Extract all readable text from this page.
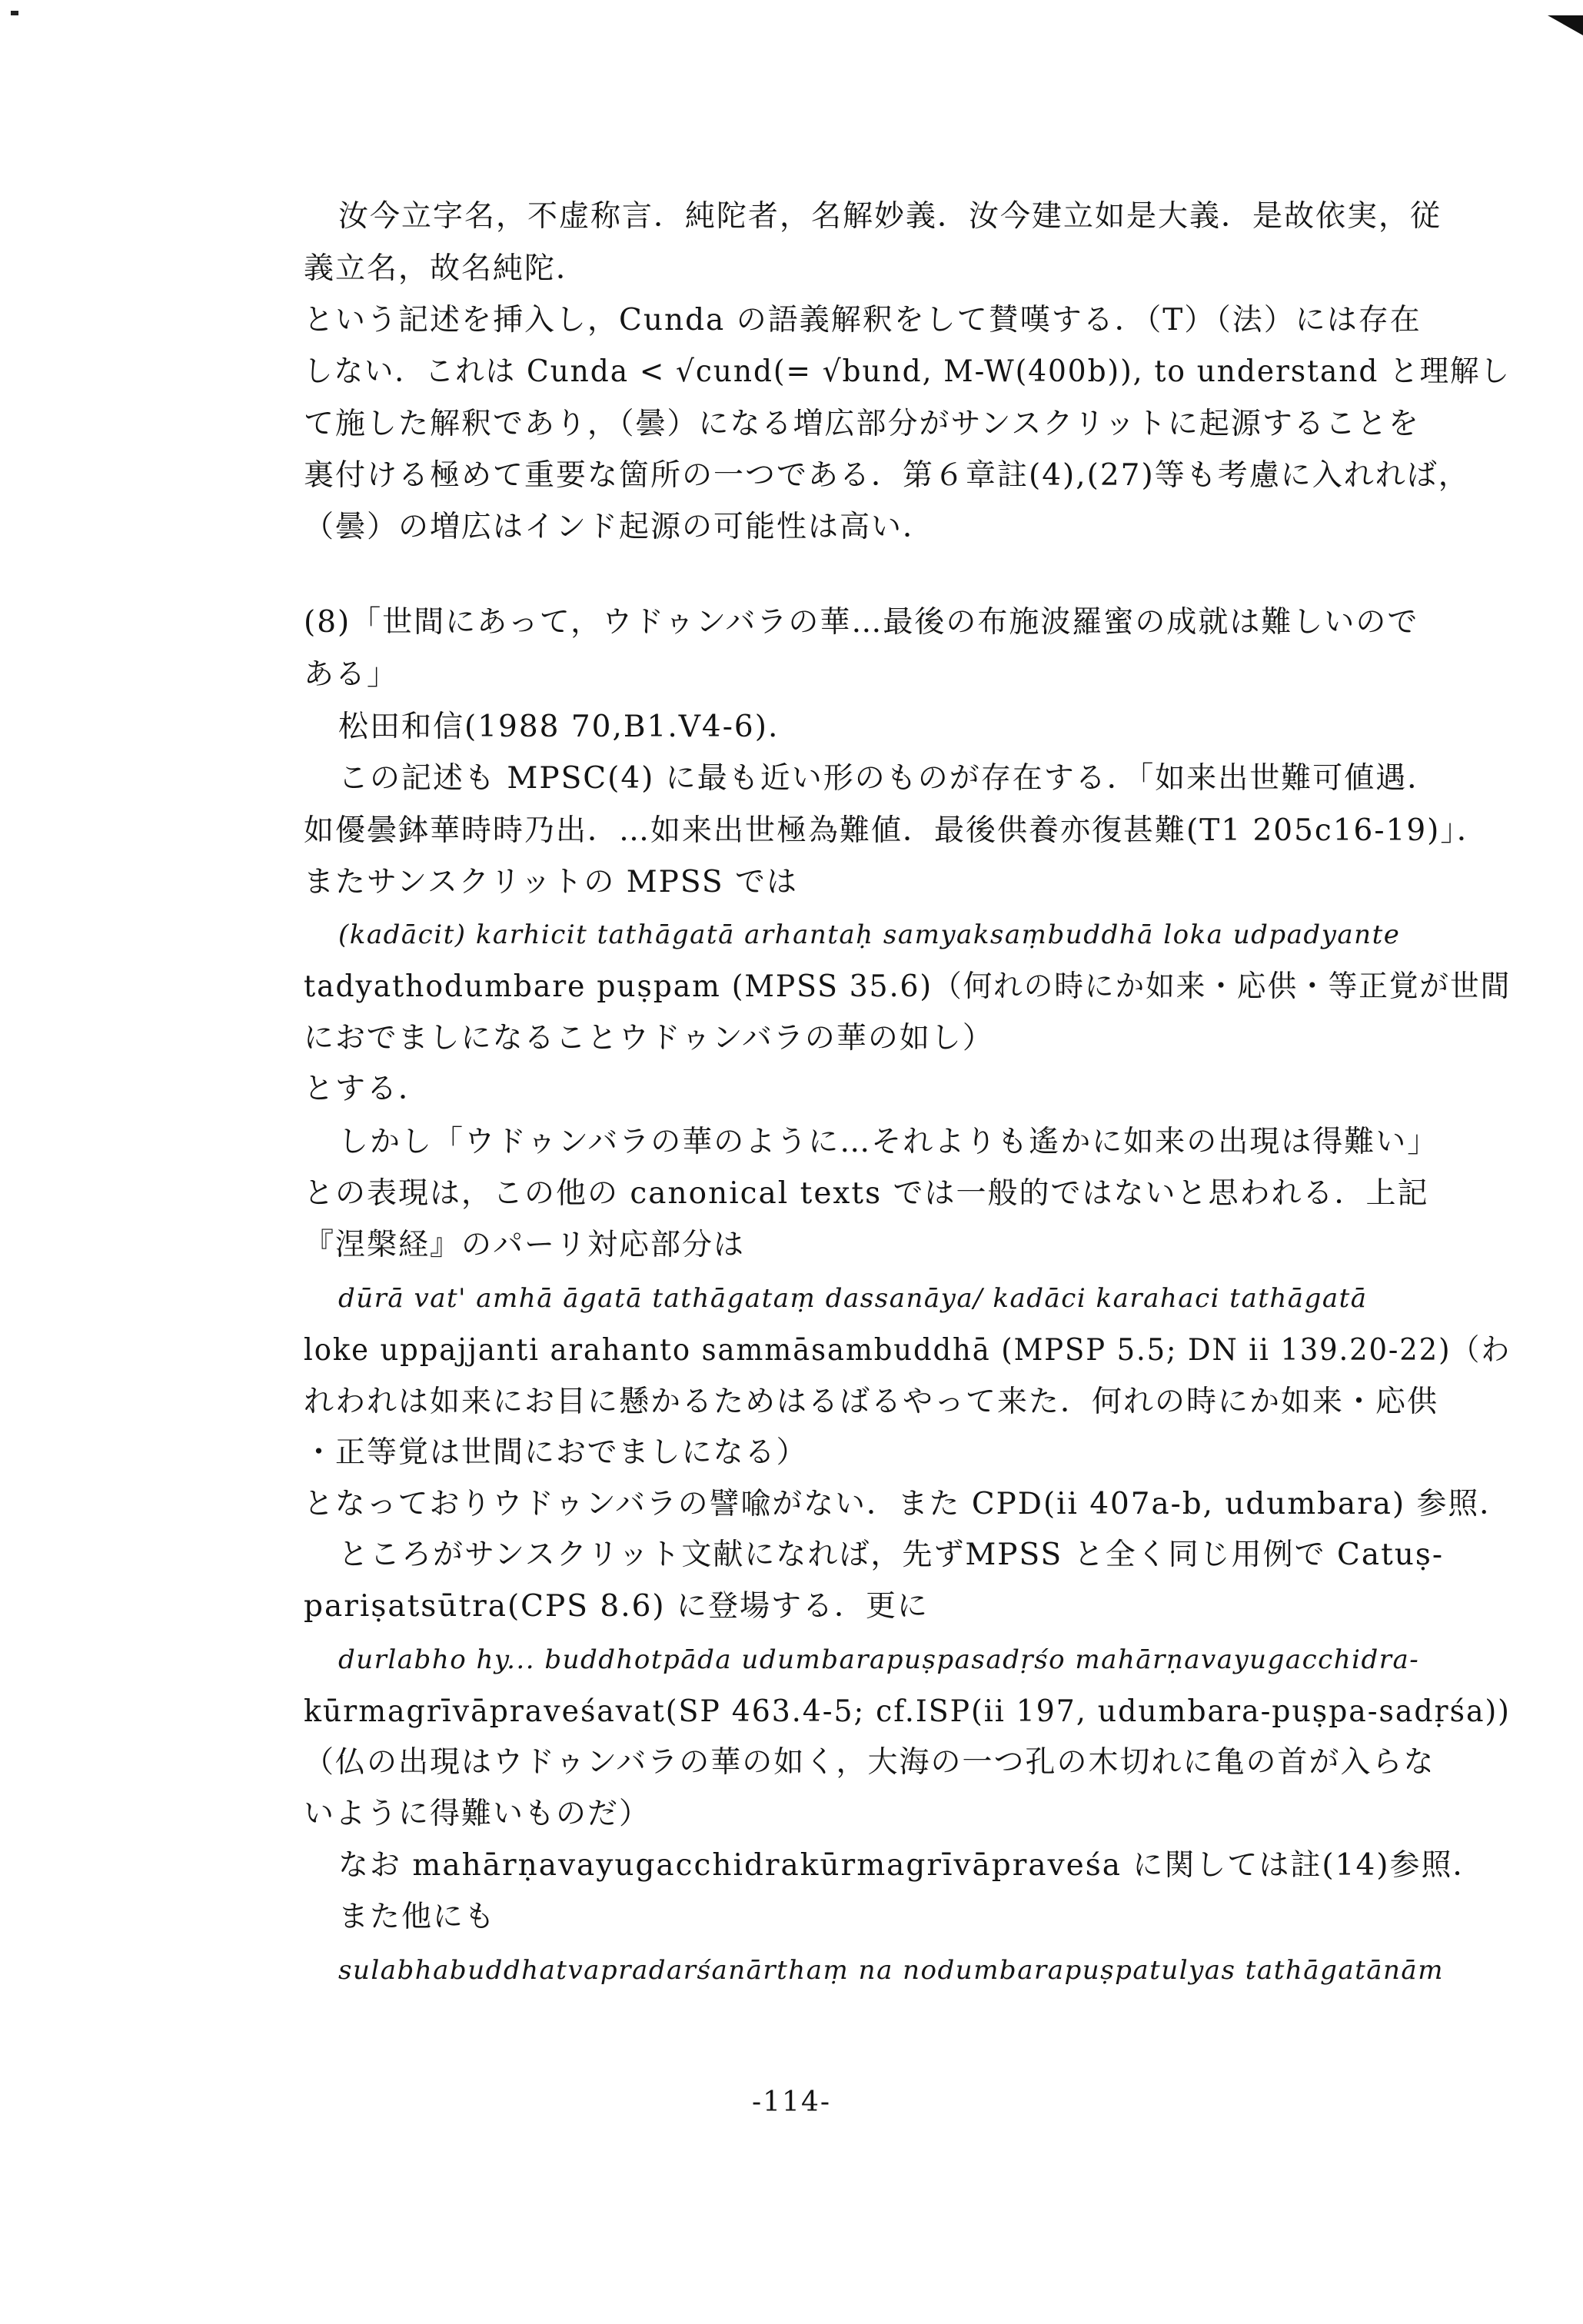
汝今立字名，不虚称言．純陀者，名解妙義．汝今建立如是大義．是故依実，従
義立名，故名純陀．
という記述を挿入し，Cunda の語義解釈をして賛嘆する．（T）（法）には存在
しない．これは Cunda < √cund(= √bund, M-W(400b)), to understand と理解し
て施した解釈であり，（曇）になる増広部分がサンスクリットに起源することを
裏付ける極めて重要な箇所の一つである．第６章註(4),(27)等も考慮に入れれば，
（曇）の増広はインド起源の可能性は高い．
(8)「世間にあって，ウドゥンバラの華…最後の布施波羅蜜の成就は難しいので
ある」
松田和信(1988 70,B1.V4-6).
この記述も MPSC(4) に最も近い形のものが存在する．「如来出世難可値遇．
如優曇鉢華時時乃出．…如来出世極為難値．最後供養亦復甚難(T1 205c16-19)」．
またサンスクリットの MPSS では
(kadācit) karhicit tathāgatā arhantaḥ samyaksaṃbuddhā loka udpadyante
tadyathodumbare puṣpam (MPSS 35.6)（何れの時にか如来・応供・等正覚が世間
におでましになることウドゥンバラの華の如し）
とする．
しかし「ウドゥンバラの華のように…それよりも遙かに如来の出現は得難い」
との表現は，この他の canonical texts では一般的ではないと思われる．上記
『涅槃経』のパーリ対応部分は
dūrā vat' amhā āgatā tathāgataṃ dassanāya/ kadāci karahaci tathāgatā
loke uppajjanti arahanto sammāsambuddhā (MPSP 5.5; DN ii 139.20-22)（わ
れわれは如来にお目に懸かるためはるばるやって来た．何れの時にか如来・応供
・正等覚は世間におでましになる）
となっておりウドゥンバラの譬喩がない．また CPD(ii 407a-b, udumbara) 参照．
ところがサンスクリット文献になれば，先ずMPSS と全く同じ用例で Catuṣ-
pariṣatsūtra(CPS 8.6) に登場する．更に
durlabho hy... buddhotpāda udumbarapuṣpasadṛśo mahārṇavayugacchidra-
kūrmagrīvāpraveśavat(SP 463.4-5; cf.ISP(ii 197, udumbara-puṣpa-sadṛśa))
（仏の出現はウドゥンバラの華の如く，大海の一つ孔の木切れに亀の首が入らな
いように得難いものだ）
なお mahārṇavayugacchidrakūrmagrīvāpraveśa に関しては註(14)参照．
また他にも
sulabhabuddhatvapradarśanārthaṃ na nodumbarapuṣpatulyas tathāgatānām
-114-
